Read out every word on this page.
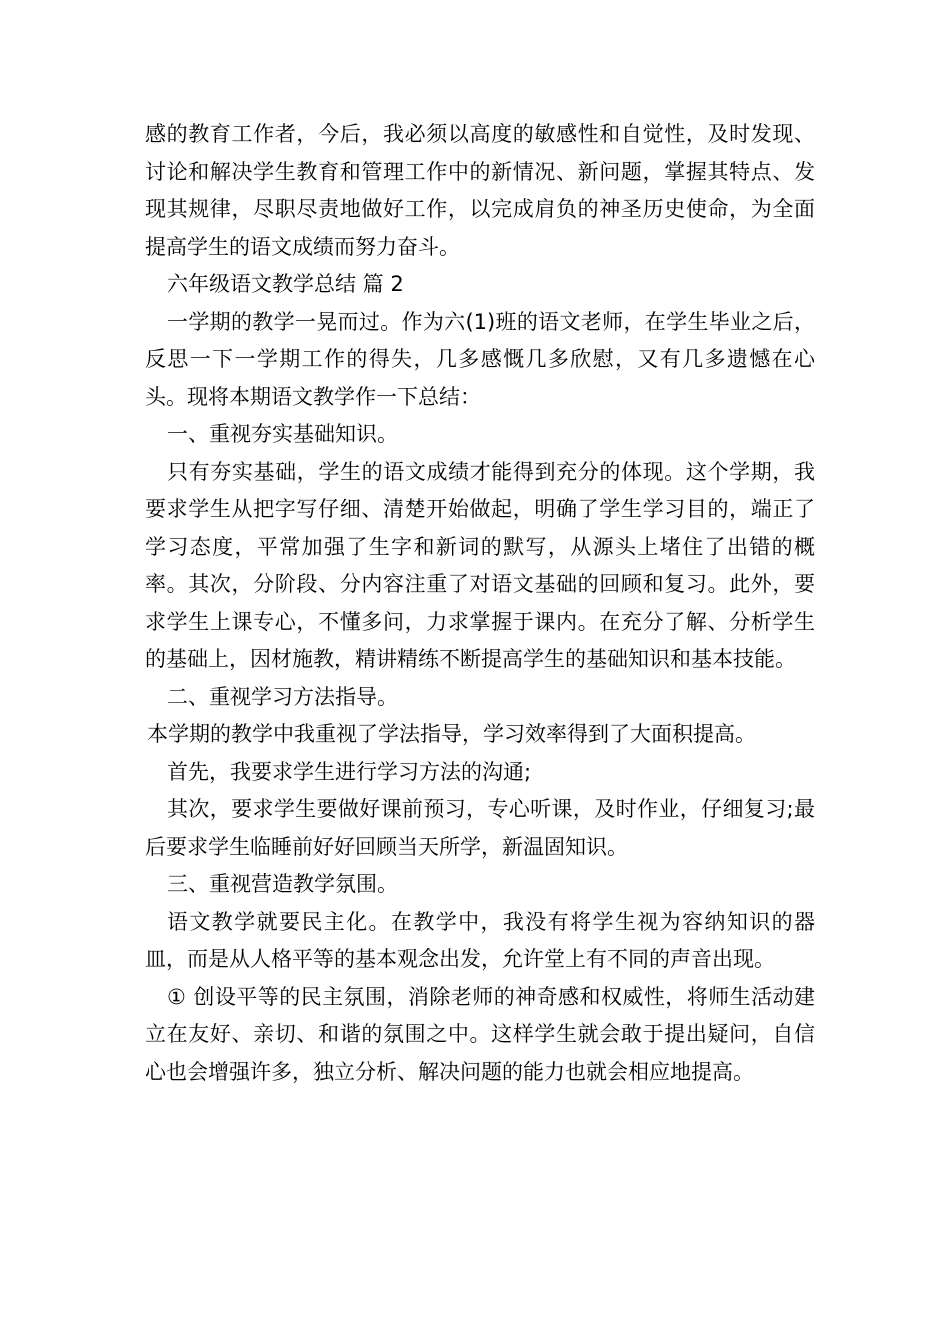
感的教育工作者，今后，我必须以高度的敏感性和自觉性，及时发现、讨论和解决学生教育和管理工作中的新情况、新问题，掌握其特点、发现其规律，尽职尽责地做好工作，以完成肩负的神圣历史使命，为全面提高学生的语文成绩而努力奋斗。

六年级语文教学总结 篇 2

一学期的教学一晃而过。作为六(1)班的语文老师，在学生毕业之后，反思一下一学期工作的得失，几多感慨几多欣慰，又有几多遗憾在心头。现将本期语文教学作一下总结：

一、重视夯实基础知识。

只有夯实基础，学生的语文成绩才能得到充分的体现。这个学期，我要求学生从把字写仔细、清楚开始做起，明确了学生学习目的，端正了学习态度，平常加强了生字和新词的默写，从源头上堵住了出错的概率。其次，分阶段、分内容注重了对语文基础的回顾和复习。此外，要求学生上课专心，不懂多问，力求掌握于课内。在充分了解、分析学生的基础上，因材施教，精讲精练不断提高学生的基础知识和基本技能。

二、重视学习方法指导。

本学期的教学中我重视了学法指导，学习效率得到了大面积提高。

首先，我要求学生进行学习方法的沟通;

其次，要求学生要做好课前预习，专心听课，及时作业，仔细复习;最后要求学生临睡前好好回顾当天所学，新温固知识。

三、重视营造教学氛围。

语文教学就要民主化。在教学中，我没有将学生视为容纳知识的器皿，而是从人格平等的基本观念出发，允许堂上有不同的声音出现。

① 创设平等的民主氛围，消除老师的神奇感和权威性，将师生活动建立在友好、亲切、和谐的氛围之中。这样学生就会敢于提出疑问，自信心也会增强许多，独立分析、解决问题的能力也就会相应地提高。
